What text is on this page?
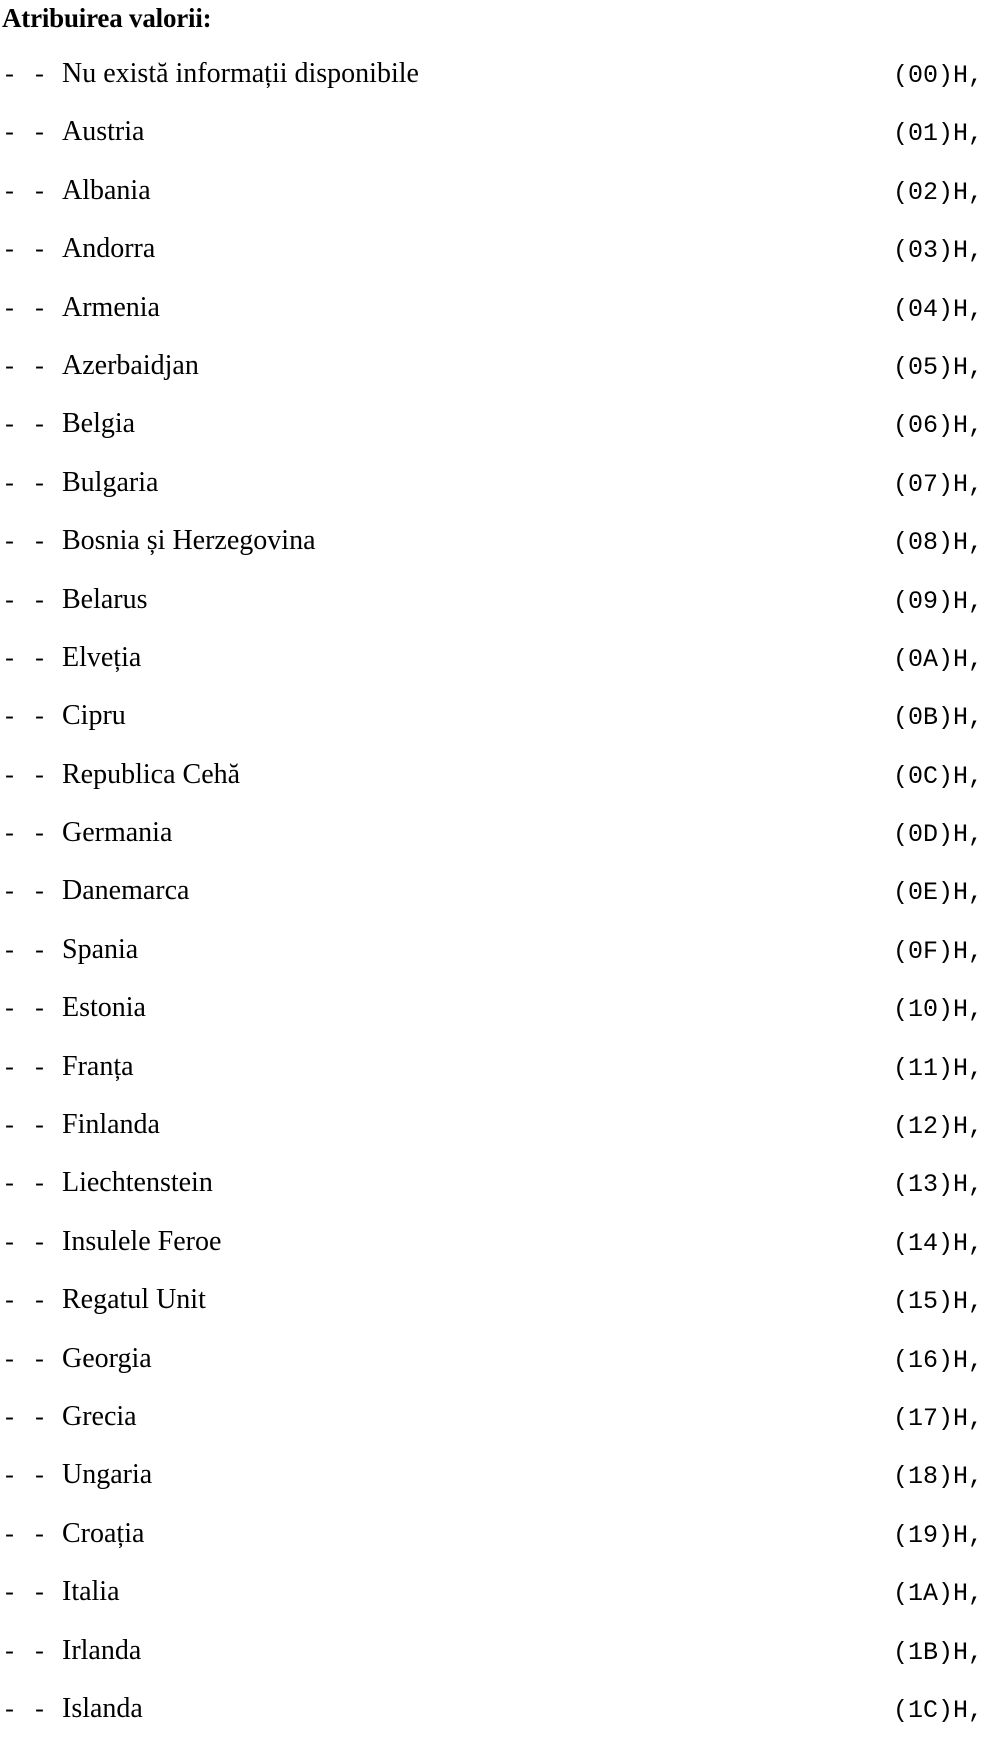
Atribuirea valorii:
- - Nu există informații disponibile	(00)H,
- - Austria	(01)H,
- - Albania	(02)H,
- - Andorra	(03)H,
- - Armenia	(04)H,
- - Azerbaidjan	(05)H,
- - Belgia	(06)H,
- - Bulgaria	(07)H,
- - Bosnia și Herzegovina	(08)H,
- - Belarus	(09)H,
- - Elveția	(0A)H,
- - Cipru	(0B)H,
- - Republica Cehă	(0C)H,
- - Germania	(0D)H,
- - Danemarca	(0E)H,
- - Spania	(0F)H,
- - Estonia	(10)H,
- - Franța	(11)H,
- - Finlanda	(12)H,
- - Liechtenstein	(13)H,
- - Insulele Feroe	(14)H,
- - Regatul Unit	(15)H,
- - Georgia	(16)H,
- - Grecia	(17)H,
- - Ungaria	(18)H,
- - Croația	(19)H,
- - Italia	(1A)H,
- - Irlanda	(1B)H,
- - Islanda	(1C)H,
